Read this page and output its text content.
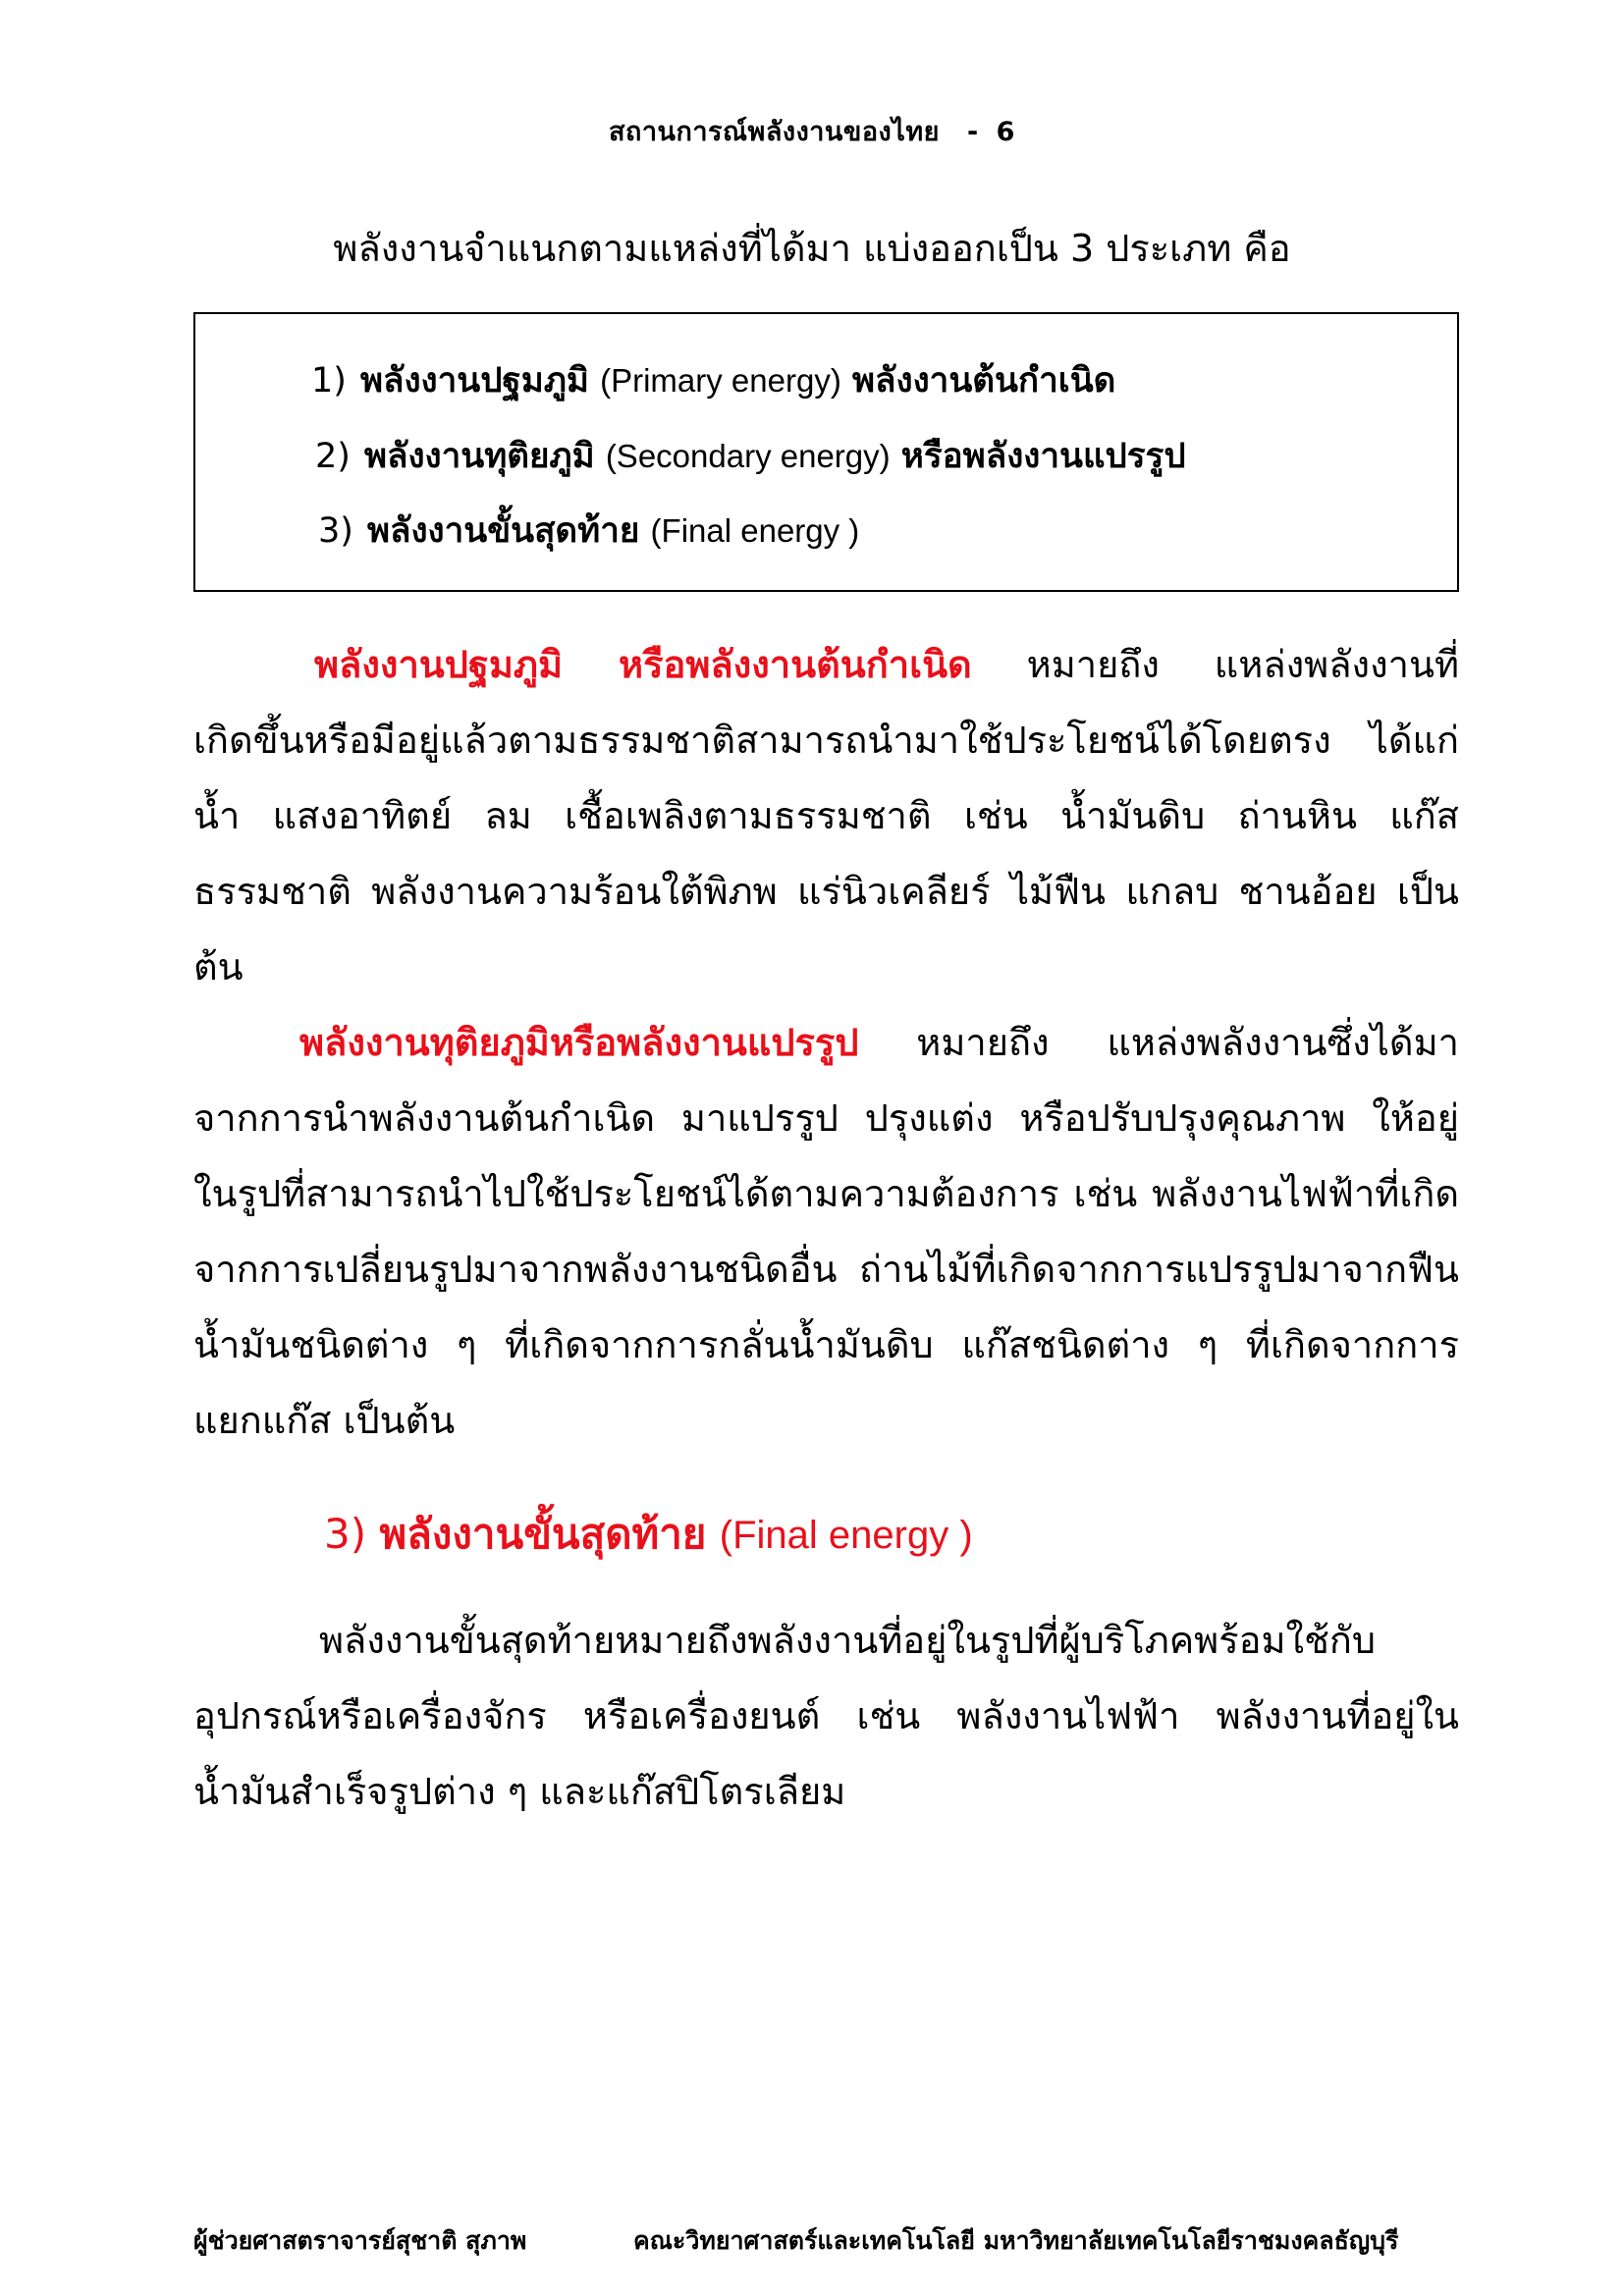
สถานการณ์พลังงานของไทย - 6
พลังงานจำแนกตามแหล่งที่ได้มา แบ่งออกเป็น 3 ประเภท คือ
1) พลังงานปฐมภูมิ (Primary energy) พลังงานต้นกำเนิด
2) พลังงานทุติยภูมิ (Secondary energy) หรือพลังงานแปรรูป
3) พลังงานขั้นสุดท้าย (Final energy )
พลังงานปฐมภูมิ หรือพลังงานต้นกำเนิด หมายถึง แหล่งพลังงานที่
เกิดขึ้นหรือมีอยู่แล้วตามธรรมชาติสามารถนำมาใช้ประโยชน์ได้โดยตรง ได้แก่
น้ำ แสงอาทิตย์ ลม เชื้อเพลิงตามธรรมชาติ เช่น น้ำมันดิบ ถ่านหิน แก๊ส
ธรรมชาติ พลังงานความร้อนใต้พิภพ แร่นิวเคลียร์ ไม้ฟืน แกลบ ชานอ้อย เป็น
ต้น
พลังงานทุติยภูมิหรือพลังงานแปรรูป หมายถึง แหล่งพลังงานซึ่งได้มา
จากการนำพลังงานต้นกำเนิด มาแปรรูป ปรุงแต่ง หรือปรับปรุงคุณภาพ ให้อยู่
ในรูปที่สามารถนำไปใช้ประโยชน์ได้ตามความต้องการ เช่น พลังงานไฟฟ้าที่เกิด
จากการเปลี่ยนรูปมาจากพลังงานชนิดอื่น ถ่านไม้ที่เกิดจากการแปรรูปมาจากฟืน
น้ำมันชนิดต่าง ๆ ที่เกิดจากการกลั่นน้ำมันดิบ แก๊สชนิดต่าง ๆ ที่เกิดจากการ
แยกแก๊ส เป็นต้น
3) พลังงานขั้นสุดท้าย (Final energy )
พลังงานขั้นสุดท้ายหมายถึงพลังงานที่อยู่ในรูปที่ผู้บริโภคพร้อมใช้กับ
อุปกรณ์หรือเครื่องจักร หรือเครื่องยนต์ เช่น พลังงานไฟฟ้า พลังงานที่อยู่ใน
น้ำมันสำเร็จรูปต่าง ๆ และแก๊สปิโตรเลียม
ผู้ช่วยศาสตราจารย์สุชาติ สุภาพ	คณะวิทยาศาสตร์และเทคโนโลยี มหาวิทยาลัยเทคโนโลยีราชมงคลธัญบุรี
